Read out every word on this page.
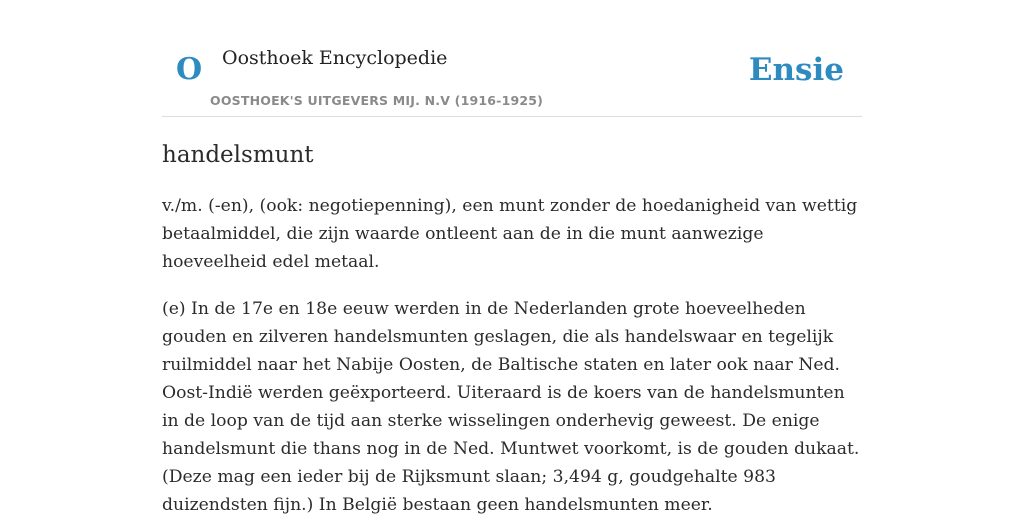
O Oosthoek Encyclopedie
OOSTHOEK'S UITGEVERS MIJ. N.V (1916-1925)
Ensie
handelsmunt

v./m. (-en), (ook: negotiepenning), een munt zonder de hoedanigheid van wettig betaalmiddel, die zijn waarde ontleent aan de in die munt aanwezige hoeveelheid edel metaal.

(e) In de 17e en 18e eeuw werden in de Nederlanden grote hoeveelheden gouden en zilveren handelsmunten geslagen, die als handelswaar en tegelijk ruilmiddel naar het Nabije Oosten, de Baltische staten en later ook naar Ned. Oost-Indië werden geëxporteerd. Uiteraard is de koers van de handelsmunten in de loop van de tijd aan sterke wisselingen onderhevig geweest. De enige handelsmunt die thans nog in de Ned. Muntwet voorkomt, is de gouden dukaat. (Deze mag een ieder bij de Rijksmunt slaan; 3,494 g, goudgehalte 983 duizendsten fijn.) In België bestaan geen handelsmunten meer.
